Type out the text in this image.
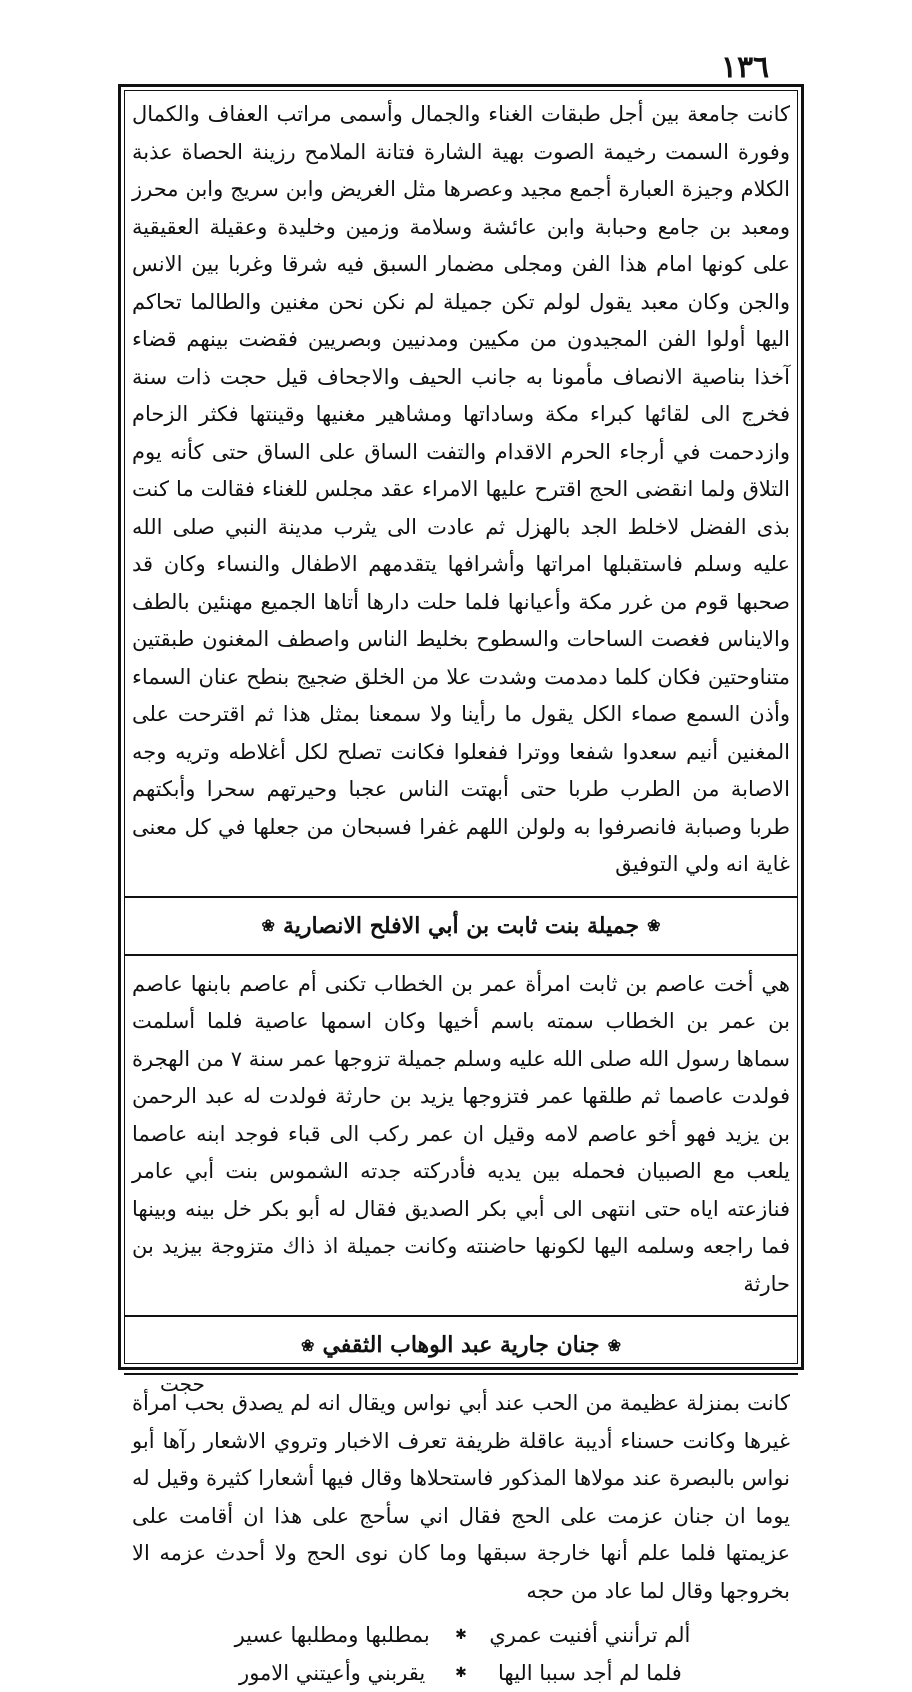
١٣٦

كانت جامعة بين أجل طبقات الغناء والجمال وأسمى مراتب العفاف والكمال وفورة السمت رخيمة الصوت بهية الشارة فتانة الملامح رزينة الحصاة عذبة الكلام وجيزة العبارة أجمع مجيد وعصرها مثل الغريض وابن سريج وابن محرز ومعبد بن جامع وحبابة وابن عائشة وسلامة وزمين وخليدة وعقيلة العقيقية على كونها امام هذا الفن ومجلى مضمار السبق فيه شرقا وغربا بين الانس والجن وكان معبد يقول لولم تكن جميلة لم نكن نحن مغنين والطالما تحاكم اليها أولوا الفن المجيدون من مكيين ومدنيين وبصريين فقضت بينهم قضاء آخذا بناصية الانصاف مأمونا به جانب الحيف والاجحاف قيل حجت ذات سنة فخرج الى لقائها كبراء مكة وساداتها ومشاهير مغنيها وقينتها فكثر الزحام وازدحمت في أرجاء الحرم الاقدام والتفت الساق على الساق حتى كأنه يوم التلاق ولما انقضى الحج اقترح عليها الامراء عقد مجلس للغناء فقالت ما كنت بذى الفضل لاخلط الجد بالهزل ثم عادت الى يثرب مدينة النبي صلى الله عليه وسلم فاستقبلها امراتها وأشرافها يتقدمهم الاطفال والنساء وكان قد صحبها قوم من غرر مكة وأعيانها فلما حلت دارها أتاها الجميع مهنئين بالطف والايناس فغصت الساحات والسطوح بخليط الناس واصطف المغنون طبقتين متناوحتين فكان كلما دمدمت وشدت علا من الخلق ضجيج بنطح عنان السماء وأذن السمع صماء الكل يقول ما رأينا ولا سمعنا بمثل هذا ثم اقترحت على المغنين أنيم سعدوا شفعا ووترا ففعلوا فكانت تصلح لكل أغلاطه وتريه وجه الاصابة من الطرب طربا حتى أبهتت الناس عجبا وحيرتهم سحرا وأبكتهم طربا وصبابة فانصرفوا به ولولن اللهم غفرا فسبحان من جعلها في كل معنى غاية انه ولي التوفيق

❀
جميلة بنت ثابت بن أبي الافلح الانصارية
❀

هي أخت عاصم بن ثابت امرأة عمر بن الخطاب تكنى أم عاصم بابنها عاصم بن عمر بن الخطاب سمته باسم أخيها وكان اسمها عاصية فلما أسلمت سماها رسول الله صلى الله عليه وسلم جميلة تزوجها عمر سنة ٧ من الهجرة فولدت عاصما ثم طلقها عمر فتزوجها يزيد بن حارثة فولدت له عبد الرحمن بن يزيد فهو أخو عاصم لامه وقيل ان عمر ركب الى قباء فوجد ابنه عاصما يلعب مع الصبيان فحمله بين يديه فأدركته جدته الشموس بنت أبي عامر فنازعته اياه حتى انتهى الى أبي بكر الصديق فقال له أبو بكر خل بينه وبينها فما راجعه وسلمه اليها لكونها حاضنته وكانت جميلة اذ ذاك متزوجة بيزيد بن حارثة

❀
جنان جارية عبد الوهاب الثقفي
❀

كانت بمنزلة عظيمة من الحب عند أبي نواس ويقال انه لم يصدق بحب امرأة غيرها وكانت حسناء أديبة عاقلة ظريفة تعرف الاخبار وتروي الاشعار رآها أبو نواس بالبصرة عند مولاها المذكور فاستحلاها وقال فيها أشعارا كثيرة وقيل له يوما ان جنان عزمت على الحج فقال اني سأحج على هذا ان أقامت على عزيمتها فلما علم أنها خارجة سبقها وما كان نوى الحج ولا أحدث عزمه الا بخروجها وقال لما عاد من حجه

ألم ترأنني أفنيت عمري
✱
بمطلبها ومطلبها عسير
فلما لم أجد سببا اليها
✱
يقربني وأعيتني الامور
حجت
